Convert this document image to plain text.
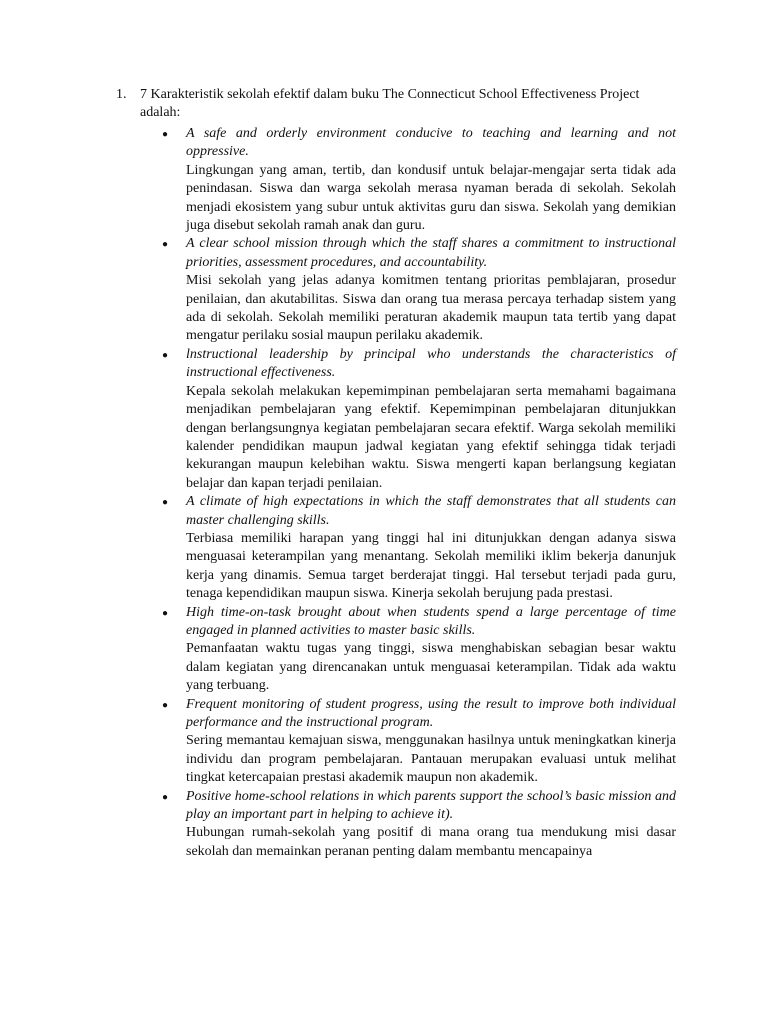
1. 7 Karakteristik sekolah efektif dalam buku The Connecticut School Effectiveness Project adalah:
● A safe and orderly environment conducive to teaching and learning and not oppressive.
Lingkungan yang aman, tertib, dan kondusif untuk belajar-mengajar serta tidak ada penindasan. Siswa dan warga sekolah merasa nyaman berada di sekolah. Sekolah menjadi ekosistem yang subur untuk aktivitas guru dan siswa. Sekolah yang demikian juga disebut sekolah ramah anak dan guru.
● A clear school mission through which the staff shares a commitment to instructional priorities, assessment procedures, and accountability.
Misi sekolah yang jelas adanya komitmen tentang prioritas pemblajaran, prosedur penilaian, dan akutabilitas. Siswa dan orang tua merasa percaya terhadap sistem yang ada di sekolah. Sekolah memiliki peraturan akademik maupun tata tertib yang dapat mengatur perilaku sosial maupun perilaku akademik.
● lnstructional leadership by principal who understands the characteristics of instructional effectiveness.
Kepala sekolah melakukan kepemimpinan pembelajaran serta memahami bagaimana menjadikan pembelajaran yang efektif. Kepemimpinan pembelajaran ditunjukkan dengan berlangsungnya kegiatan pembelajaran secara efektif. Warga sekolah memiliki kalender pendidikan maupun jadwal kegiatan yang efektif sehingga tidak terjadi kekurangan maupun kelebihan waktu. Siswa mengerti kapan berlangsung kegiatan belajar dan kapan terjadi penilaian.
● A climate of high expectations in which the staff demonstrates that all students can master challenging skills.
Terbiasa memiliki harapan yang tinggi hal ini ditunjukkan dengan adanya siswa menguasai keterampilan yang menantang. Sekolah memiliki iklim bekerja danunjuk kerja yang dinamis. Semua target berderajat tinggi. Hal tersebut terjadi pada guru, tenaga kependidikan maupun siswa. Kinerja sekolah berujung pada prestasi.
● High time-on-task brought about when students spend a large percentage of time engaged in planned activities to master basic skills.
Pemanfaatan waktu tugas yang tinggi, siswa menghabiskan sebagian besar waktu dalam kegiatan yang direncanakan untuk menguasai keterampilan. Tidak ada waktu yang terbuang.
● Frequent monitoring of student progress, using the result to improve both individual performance and the instructional program.
Sering memantau kemajuan siswa, menggunakan hasilnya untuk meningkatkan kinerja individu dan program pembelajaran. Pantauan merupakan evaluasi untuk melihat tingkat ketercapaian prestasi akademik maupun non akademik.
● Positive home-school relations in which parents support the school’s basic mission and play an important part in helping to achieve it).
Hubungan rumah-sekolah yang positif di mana orang tua mendukung misi dasar sekolah dan memainkan peranan penting dalam membantu mencapainya
